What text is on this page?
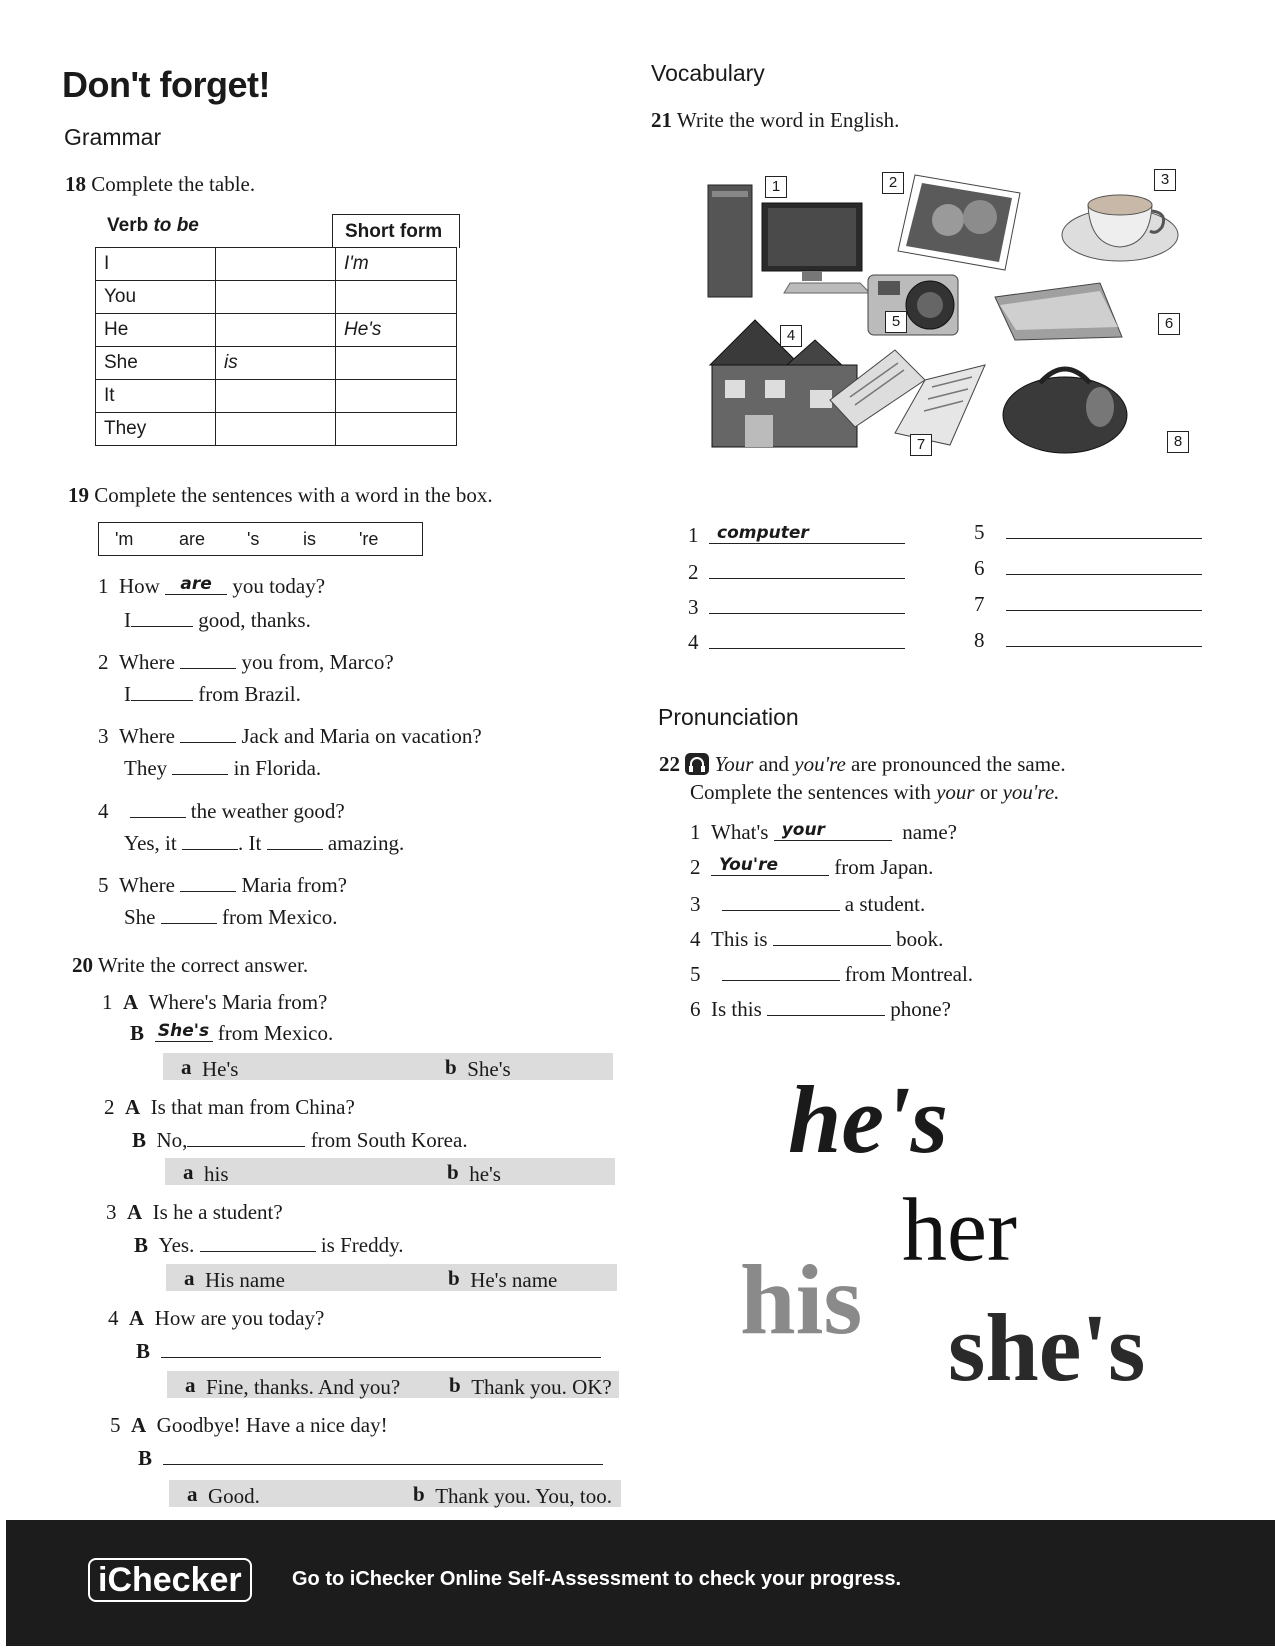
Don't forget!
Grammar
18 Complete the table.
Verb to be	Short form
I		I'm
You		
He		He's
She	is	
It		
They		
19 Complete the sentences with a word in the box.
'm	are 's is 're
1 How are you today?
I	good, thanks.
2 Where	you from, Marco?
I	from Brazil.
3 Where	Jack and Maria on vacation?
They	in Florida.
4	the weather good?
Yes, it	. It	amazing.
5 Where	Maria from?
She	from Mexico.
20 Write the correct answer.
1 A Where's Maria from?
B She's from Mexico.
a He's	b She's
2 A Is that man from China?
B No,	from South Korea.
a his	b he's
3 A Is he a student?
B Yes.	is Freddy.
a His name	b He's name
4 A How are you today?
B
a Fine, thanks. And you? b Thank you. OK?
5 A Goodbye! Have a nice day!
B
a Good.	b Thank you. You, too.
Vocabulary
21 Write the word in English.
1	2	3
4
5	6
7	8
1 computer
2
3
4
5
6
7
8
Pronunciation
22 Your and you're are pronounced the same.
Complete the sentences with your or you're.
1 What's your	name?
2 You're	from Japan.
3	a student.
4 This is	book.
5	from Montreal.
6 Is this	phone?
he's
her
his she's
iChecker	Go to iChecker Online Self-Assessment to check your progress.
